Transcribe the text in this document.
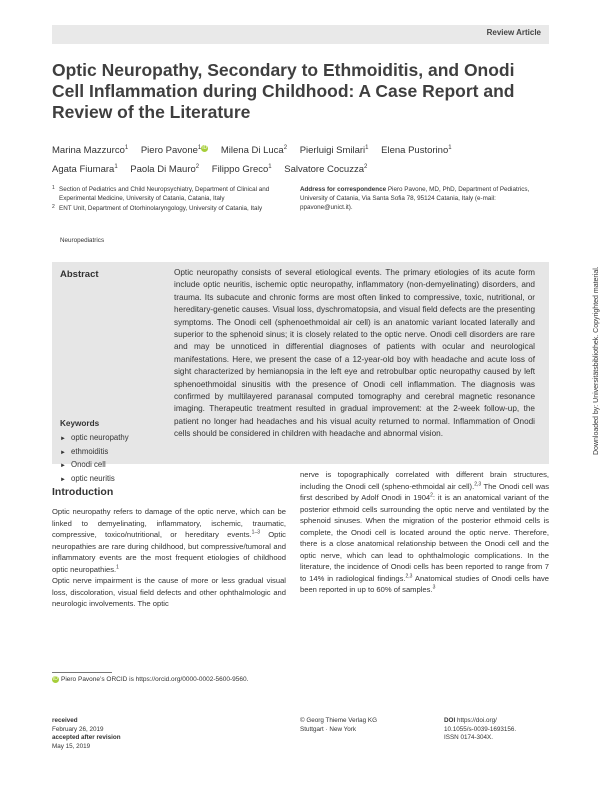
Review Article
Optic Neuropathy, Secondary to Ethmoiditis, and Onodi Cell Inflammation during Childhood: A Case Report and Review of the Literature
Marina Mazzurco$^1$ Piero Pavone$^1$iD Milena Di Luca$^2$ Pierluigi Smilari$^1$ Elena Pustorino$^1$
Agata Fiumara$^1$ Paola Di Mauro$^2$ Filippo Greco$^1$ Salvatore Cocuzza$^2$
1 Section of Pediatrics and Child Neuropsychiatry, Department of Clinical and Experimental Medicine, University of Catania, Catania, Italy
2 ENT Unit, Department of Otorhinolaryngology, University of Catania, Italy
Address for correspondence Piero Pavone, MD, PhD, Department of Pediatrics, University of Catania, Via Santa Sofia 78, 95124 Catania, Italy (e-mail: ppavone@unict.it).
Neuropediatrics
Abstract	Optic neuropathy consists of several etiological events. The primary etiologies of its acute form include optic neuritis, ischemic optic neuropathy, inflammatory (non-demyelinating) disorders, and trauma. Its subacute and chronic forms are most often linked to compressive, toxic, nutritional, or hereditary-genetic causes. Visual loss, dyschromatopsia, and visual field defects are the presenting symptoms. The Onodi cell (sphenoethmoidal air cell) is an anatomic variant located laterally and superior to the sphenoid sinus; it is closely related to the optic nerve. Onodi cell disorders are rare and may be unnoticed in differential diagnoses of patients with ocular and neurological manifestations. Here, we present the case of a 12-year-old boy with headache and acute loss of sight characterized by hemianopsia in the left eye and retrobulbar optic neuropathy caused by left sphenoethmoidal sinusitis with the presence of Onodi cell inflammation. The diagnosis was confirmed by multilayered paranasal computed tomography and cerebral magnetic resonance imaging. Therapeutic treatment resulted in gradual improvement: at the 2-week follow-up, the patient no longer had headaches and his visual acuity returned to normal. Inflammation of Onodi cells should be considered in children with headache and abnormal vision.

Keywords
► optic neuropathy
► ethmoiditis
► Onodi cell
► optic neuritis
Introduction

Optic neuropathy refers to damage of the optic nerve, which can be linked to demyelinating, inflammatory, ischemic, traumatic, compressive, toxico/nutritional, or hereditary events.$^{1-3}$ Optic neuropathies are rare during childhood, but compressive/tumoral and inflammatory events are the most frequent etiologies of childhood optic neuropathies.$^1$

Optic nerve impairment is the cause of more or less gradual visual loss, discoloration, visual field defects and other ophthalmologic and neurologic involvements. The optic

nerve is topographically correlated with different brain structures, including the Onodi cell (spheno-ethmoidal air cell).$^{2,3}$ The Onodi cell was first described by Adolf Onodi in 1904$^2$: it is an anatomical variant of the posterior ethmoid cells surrounding the optic nerve and ventilated by the sphenoid sinuses. When the migration of the posterior ethmoid cells is complete, the Onodi cell is located around the optic nerve. Therefore, there is a close anatomical relationship between the Onodi cell and the optic nerve, which can lead to ophthalmologic complications. In the literature, the incidence of Onodi cells has been reported to range from 7 to 14% in radiological findings.$^{2,3}$ Anatomical studies of Onodi cells have been reported in up to 60% of samples.$^3$

iD Piero Pavone’s ORCID is https://orcid.org/0000-0002-5600-9560.
received
February 26, 2019
accepted after revision
May 15, 2019
© Georg Thieme Verlag KG
Stuttgart · New York
DOI https://doi.org/
10.1055/s-0039-1693156.
ISSN 0174-304X.
Downloaded by: Universitätsbibliothek. Copyrighted material.
